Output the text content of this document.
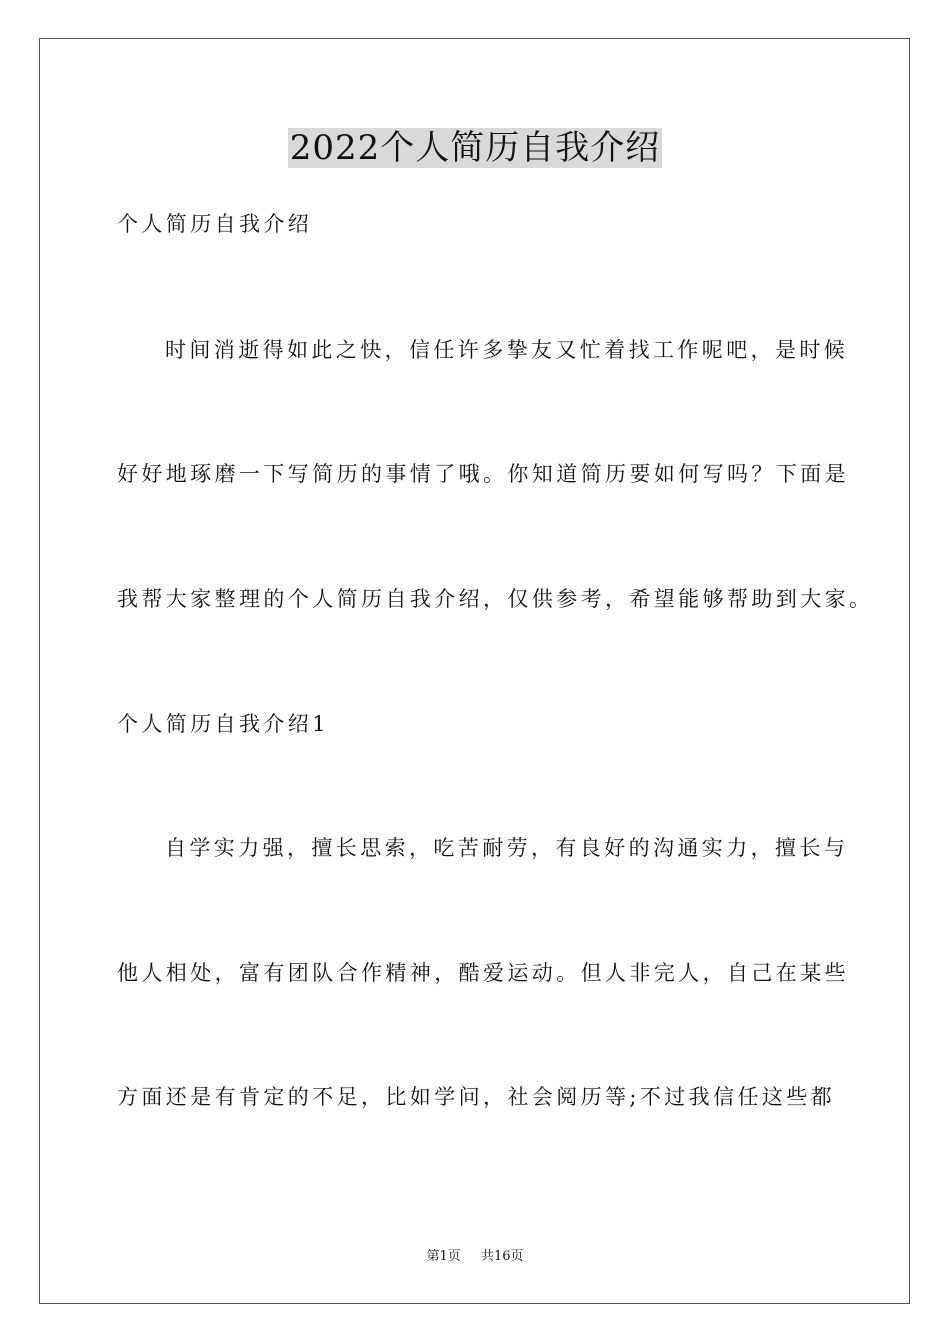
2022个人简历自我介绍

个人简历自我介绍

时间消逝得如此之快，信任许多挚友又忙着找工作呢吧，是时候

好好地琢磨一下写简历的事情了哦。你知道简历要如何写吗？下面是

我帮大家整理的个人简历自我介绍，仅供参考，希望能够帮助到大家。

个人简历自我介绍1

自学实力强，擅长思索，吃苦耐劳，有良好的沟通实力，擅长与

他人相处，富有团队合作精神，酷爱运动。但人非完人，自己在某些

方面还是有肯定的不足，比如学问，社会阅历等;不过我信任这些都

第1页 共16页
